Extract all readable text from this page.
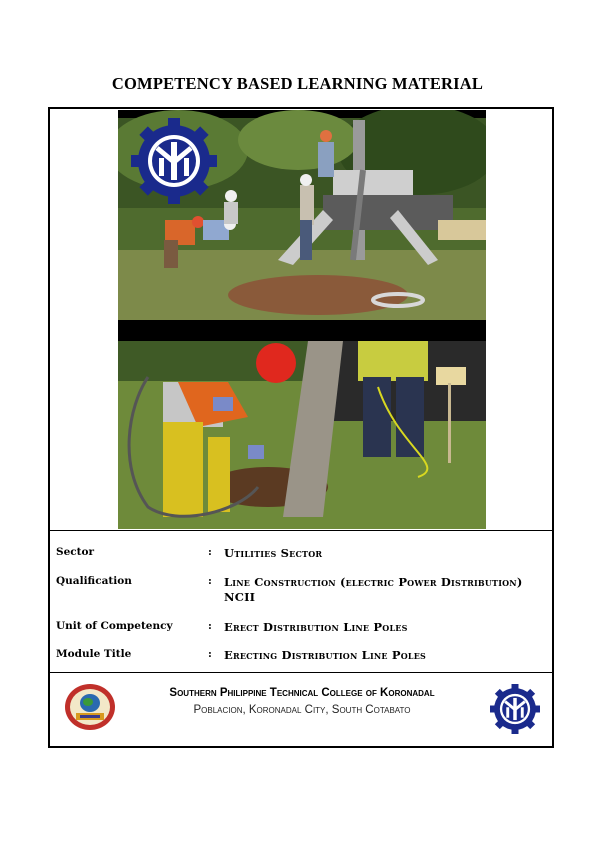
COMPETENCY BASED LEARNING MATERIAL
Sector	: Utilities Sector
Qualification	: Line Construction (electric Power Distribution) NCII
Unit of Competency	: Erect Distribution Line Poles
Module Title	: Erecting Distribution Line Poles
Southern Philippine Technical College of Koronadal
Poblacion, Koronadal City, South Cotabato
